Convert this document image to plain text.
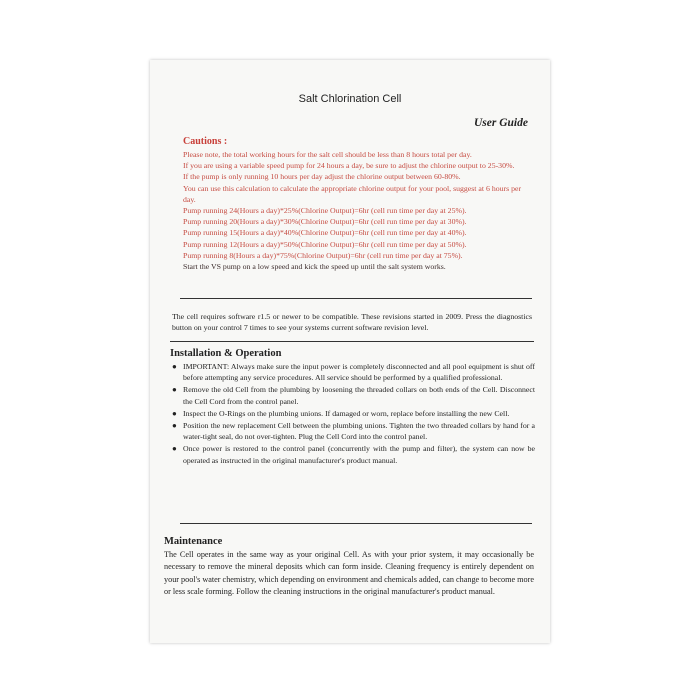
Salt Chlorination Cell
User Guide
Cautions :

Please note, the total working hours for the salt cell should be less than 8 hours total per day.

If you are using a variable speed pump for 24 hours a day, be sure to adjust the chlorine output to 25-30%.

If the pump is only running 10 hours per day adjust the chlorine output between 60-80%.

You can use this calculation to calculate the appropriate chlorine output for your pool, suggest at 6 hours per day.

Pump running 24(Hours a day)*25%(Chlorine Output)=6hr (cell run time per day at 25%).

Pump running 20(Hours a day)*30%(Chlorine Output)=6hr (cell run time per day at 30%).

Pump running 15(Hours a day)*40%(Chlorine Output)=6hr (cell run time per day at 40%).

Pump running 12(Hours a day)*50%(Chlorine Output)=6hr (cell run time per day at 50%).

Pump running 8(Hours a day)*75%(Chlorine Output)=6hr (cell run time per day at 75%).

Start the VS pump on a low speed and kick the speed up until the salt system works.

The cell requires software r1.5 or newer to be compatible. These revisions started in 2009. Press the diagnostics button on your control 7 times to see your systems current software revision level.
Installation & Operation
● IMPORTANT: Always make sure the input power is completely disconnected and all pool equipment is shut off before attempting any service procedures. All service should be performed by a qualified professional.
● Remove the old Cell from the plumbing by loosening the threaded collars on both ends of the Cell. Disconnect the Cell Cord from the control panel.
● Inspect the O-Rings on the plumbing unions. If damaged or worn, replace before installing the new Cell.
● Position the new replacement Cell between the plumbing unions. Tighten the two threaded collars by hand for a water-tight seal, do not over-tighten. Plug the Cell Cord into the control panel.
● Once power is restored to the control panel (concurrently with the pump and filter), the system can now be operated as instructed in the original manufacturer's product manual.
Maintenance

The Cell operates in the same way as your original Cell. As with your prior system, it may occasionally be necessary to remove the mineral deposits which can form inside. Cleaning frequency is entirely dependent on your pool's water chemistry, which depending on environment and chemicals added, can change to become more or less scale forming. Follow the cleaning instructions in the original manufacturer's product manual.
